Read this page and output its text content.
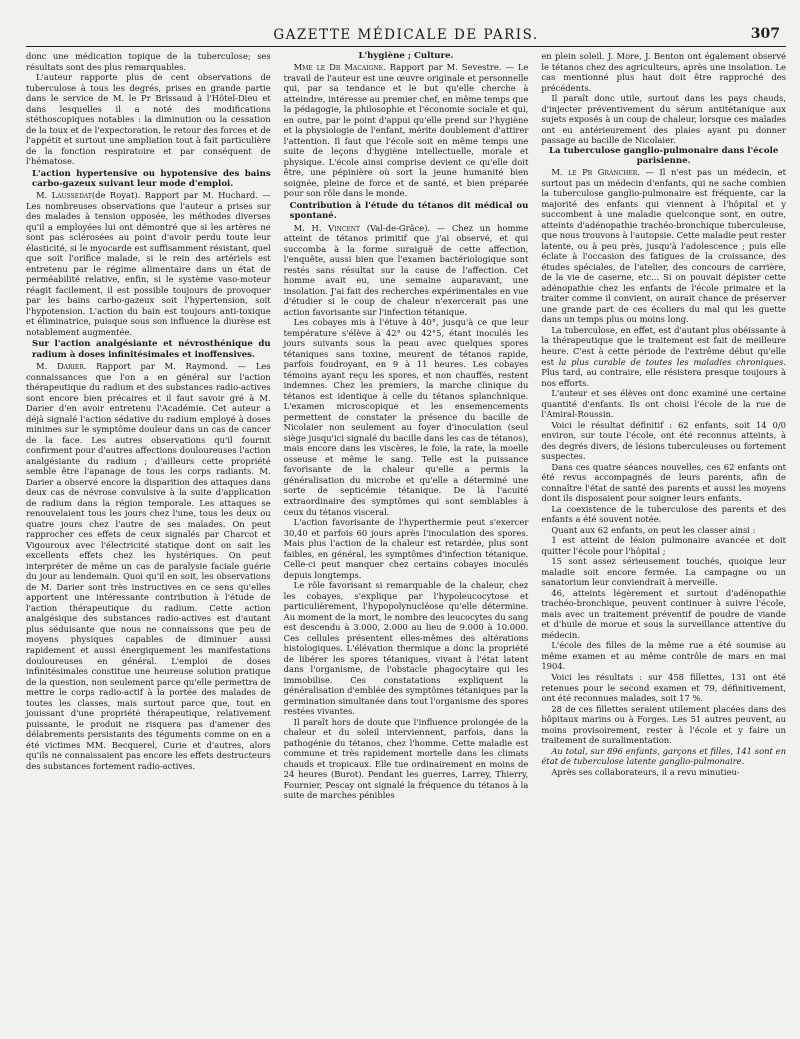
GAZETTE MÉDICALE DE PARIS.	307

donc une médication topique de la tuberculose; ses résultats sont des plus remarquables.

L'auteur rapporte plus de cent observations de tuberculose à tous les degrés, prises en grande partie dans le service de M. le Pr Brissaud à l'Hôtel-Dieu et dans lesquelles il a noté des modifications stéthoscopiques notables : la diminution ou la cessation de la toux et de l'expectoration, le retour des forces et de l'appétit et surtout une ampliation tout à fait particulière de la fonction respiratoire et par conséquent de l'hématose.

L'action hypertensive ou hypotensive des bains carbo-gazeux suivant leur mode d'emploi.

M. Laussedat(de Royat). Rapport par M. Huchard. — Les nombreuses observations que l'auteur a prises sur des malades à tension opposée, les méthodes diverses qu'il a employées lui ont démontré que si les artères ne sont pas sclérosées au point d'avoir perdu toute leur élasticité, si le myocarde est suffisamment résistant, quel que soit l'orifice malade, si le rein des artériels est entretenu par le régime alimentaire dans un état de perméabilité relative, enfin, si le système vaso-moteur réagit facilement, il est possible toujours de provoquer par les bains carbo-gazeux soit l'hypertension, soit l'hypotension. L'action du bain est toujours anti-toxique et éliminatrice, puisque sous son influence la diurèse est notablement augmentée.

Sur l'action analgésiante et névrosthénique du radium à doses infinitésimales et inoffensives.

M. Darier. Rapport par M. Raymond. — Les connaissances que l'on a en général sur l'action thérapeutique du radium et des substances radio-actives sont encore bien précaires et il faut savoir gré à M. Darier d'en avoir entretenu l'Académie. Cet auteur a déjà signalé l'action sédative du radium employé à doses minimes sur le symptôme douleur dans un cas de cancer de la face. Les autres observations qu'il fournit confirment pour d'autres affections douloureuses l'action analgésiante du radium ; d'ailleurs cette propriété semble être l'apanage de tous les corps radiants. M. Darier a observé encore la disparition des attaques dans deux cas de névrose convulsive à la suite d'application de radium dans la région temporale. Les attaques se renouvelaient tous les jours chez l'une, tous les deux ou quatre jours chez l'autre de ses malades. On peut rapprocher ces effets de ceux signalés par Charcot et Vigouroux avec l'électricité statique dont on sait les excellents effets chez les hystériques. On peut interpréter de même un cas de paralysie faciale guérie du jour au lendemain. Quoi qu'il en soit, les observations de M. Darier sont très instructives en ce sens qu'elles apportent une intéressante contribution à l'étude de l'action thérapeutique du radium. Cette action analgésique des substances radio-actives est d'autant plus séduisante que nous ne connaissons que peu de moyens physiques capables de diminuer aussi rapidement et aussi énergiquement les manifestations douloureuses en général. L'emploi de doses infinitésimales constitue une heureuse solution pratique de la question, non seulement parce qu'elle permettra de mettre le corps radio-actif à la portée des malades de toutes les classes, mais surtout parce que, tout en jouissant d'une propriété thérapeutique, relativement puissante, le produit ne risquera pas d'amener des délabrements persistants des téguments comme on en a été victimes MM. Becquerel, Curie et d'autres, alors qu'ils ne connaissaient pas encore les effets destructeurs des substances fortement radio-actives.

L'hygiène ; Culture.

Mme le Dr Macaigne. Rapport par M. Sevestre. — Le travail de l'auteur est une œuvre originale et personnelle qui, par sa tendance et le but qu'elle cherche à atteindre, intéresse au premier chef, en même temps que la pédagogie, la philosophie et l'économie sociale et qui, en outre, par le point d'appui qu'elle prend sur l'hygiène et la physiologie de l'enfant, mérite doublement d'attirer l'attention. Il faut que l'école soit en même temps une suite de leçons d'hygiène intellectuelle, morale et physique. L'école ainsi comprise devient ce qu'elle doit être, une pépinière où sort la jeune humanité bien soignée, pleine de force et de santé, et bien préparée pour son rôle dans le monde.

Contribution à l'étude du tétanos dit médical ou spontané.

M. H. Vincent (Val-de-Grâce). — Chez un homme atteint de tétanos primitif que j'ai observé, et qui succomba à la forme suraiguë de cette affection, l'enquête, aussi bien que l'examen bactériologique sont restés sans résultat sur la cause de l'affection. Cet homme avait eu, une semaine auparavant, une insolation. J'ai fait des recherches expérimentales en vue d'étudier si le coup de chaleur n'exercerait pas une action favorisante sur l'infection tétanique.

Les cobayes mis à l'étuve à 40°, jusqu'à ce que leur température s'élève à 42° ou 42°5, étant inoculés les jours suivants sous la peau avec quelques spores tétaniques sans toxine, meurent de tétanos rapide, parfois foudroyant, en 9 à 11 heures. Les cobayes témoins ayant reçu les spores, et non chauffés, restent indemnes. Chez les premiers, la marche clinique du tétanos est identique à celle du tétanos splanchnique. L'examen microscopique et les ensemencements permettent de constater la présence du bacille de Nicolaier non seulement au foyer d'inoculation (seul siège jusqu'ici signalé du bacille dans les cas de tétanos), mais encore dans les viscères, le foie, la rate, la moelle osseuse et même le sang. Telle est la puissance favorisante de la chaleur qu'elle a permis la généralisation du microbe et qu'elle a déterminé une sorte de septicémie tétanique. De là l'acuité extraordinaire des symptômes qui sont semblables à ceux du tétanos visceral.

L'action favorisante de l'hyperthermie peut s'exercer 30,40 et parfois 60 jours après l'inoculation des spores. Mais plus l'action de la chaleur est retardée, plus sont faibles, en général, les symptômes d'infection tétanique. Celle-ci peut manquer chez certains cobayes inoculés depuis longtemps.

Le rôle favorisant si remarquable de la chaleur, chez les cobayes, s'explique par l'hypoleucocytose et particulièrement, l'hypopolynucléose qu'elle détermine. Au moment de la mort, le nombre des leucocytes du sang est descendu à 3.000, 2.000 au lieu de 9.000 à 10.000. Ces cellules présentent elles-mêmes des altérations histologiques. L'élévation thermique a donc la propriété de libérer les spores tétaniques, vivant à l'état latent dans l'organisme, de l'obstacle phagocytaire qui les immobilise. Ces constatations expliquent la généralisation d'emblée des symptômes tétaniques par la germination simultanée dans tout l'organisme des spores restées vivantes.

Il paraît hors de doute que l'influence prolongée de la chaleur et du soleil interviennent, parfois, dans la pathogénie du tétanos, chez l'homme. Cette maladie est commune et très rapidement mortelle dans les climats chauds et tropicaux. Elle tue ordinairement en moins de 24 heures (Burot). Pendant les guerres, Larrey, Thierry, Fournier, Pescay ont signalé la fréquence du tétanos à la suite de marches pénibles

en plein soleil. J. More, J. Benton ont également observé le tétanos chez des agriculteurs, après une insolation. Le cas mentionné plus haut doit être rapproché des précédents.

Il paraît donc utile, surtout dans les pays chauds, d'injecter préventivement du sérum antitétanique aux sujets exposés à un coup de chaleur, lorsque ces malades ont eu antérieurement des plaies ayant pu donner passage au bacille de Nicolaier.

La tuberculose ganglio-pulmonaire dans l'école parisienne.

M. le Pr Grancher. — Il n'est pas un médecin, et surtout pas un médecin d'enfants, qui ne sache combien la tuberculose ganglio-pulmonaire est fréquente, car la majorité des enfants qui viennent à l'hôpital et y succombent à une maladie quelconque sont, en outre, atteints d'adénopathie trachéo-bronchique tuberculeuse, que nous trouvons à l'autopsie. Cette maladie peut rester latente, ou à peu près, jusqu'à l'adolescence ; puis elle éclate à l'occasion des fatigues de la croissance, des études spéciales, de l'atelier, des concours de carrière, de la vie de caserne, etc... Si on pouvait dépister cette adénopathie chez les enfants de l'école primaire et la traiter comme il convient, on aurait chance de préserver une grande part de ces écoliers du mal qui les guette dans un temps plus ou moins long.

La tuberculose, en effet, est d'autant plus obéissante à la thérapeutique que le traitement est fait de meilleure heure. C'est à cette période de l'extrême début qu'elle est la plus curable de toutes les maladies chroniques. Plus tard, au contraire, elle résistera presque toujours à nos efforts.

L'auteur et ses élèves ont donc examiné une certaine quantité d'enfants. Ils ont choisi l'école de la rue de l'Amiral-Roussin.

Voici le résultat définitif : 62 enfants, soit 14 0/0 environ, sur toute l'école, ont été reconnus atteints, à des degrés divers, de lésions tuberculeuses ou fortement suspectes.

Dans ces quatre séances nouvelles, ces 62 enfants ont été revus accompagnés de leurs parents, afin de connaître l'état de santé des parents et aussi les moyens dont ils disposaient pour soigner leurs enfants.

La coexistence de la tuberculose des parents et des enfants a été souvent notée.

Quant aux 62 enfants, on peut les classer ainsi :

1 est atteint de lésion pulmonaire avancée et doit quitter l'école pour l'hôpital ;

15 sont assez sérieusement touchés, quoique leur maladie soit encore fermée. La campagne ou un sanatorium leur conviendrait à merveille.

46, atteints légèrement et surtout d'adénopathie trachéo-bronchique, peuvent continuer à suivre l'école, mais avec un traitement préventif de poudre de viande et d'huile de morue et sous la surveillance attentive du médecin.

L'école des filles de la même rue a été soumise au même examen et au même contrôle de mars en mai 1904.

Voici les résultats : sur 458 fillettes, 131 ont été retenues pour le second examen et 79, définitivement, ont été reconnues malades, soit 17 %.

28 de ces fillettes seraient utilement placées dans des hôpitaux marins ou à Forges. Les 51 autres peuvent, au moins provisoirement, rester à l'école et y faire un traitement de suralimentation.

Au total, sur 896 enfants, garçons et filles, 141 sont en état de tuberculose latente ganglio-pulmonaire.

Après ses collaborateurs, il a revu minutieu-
